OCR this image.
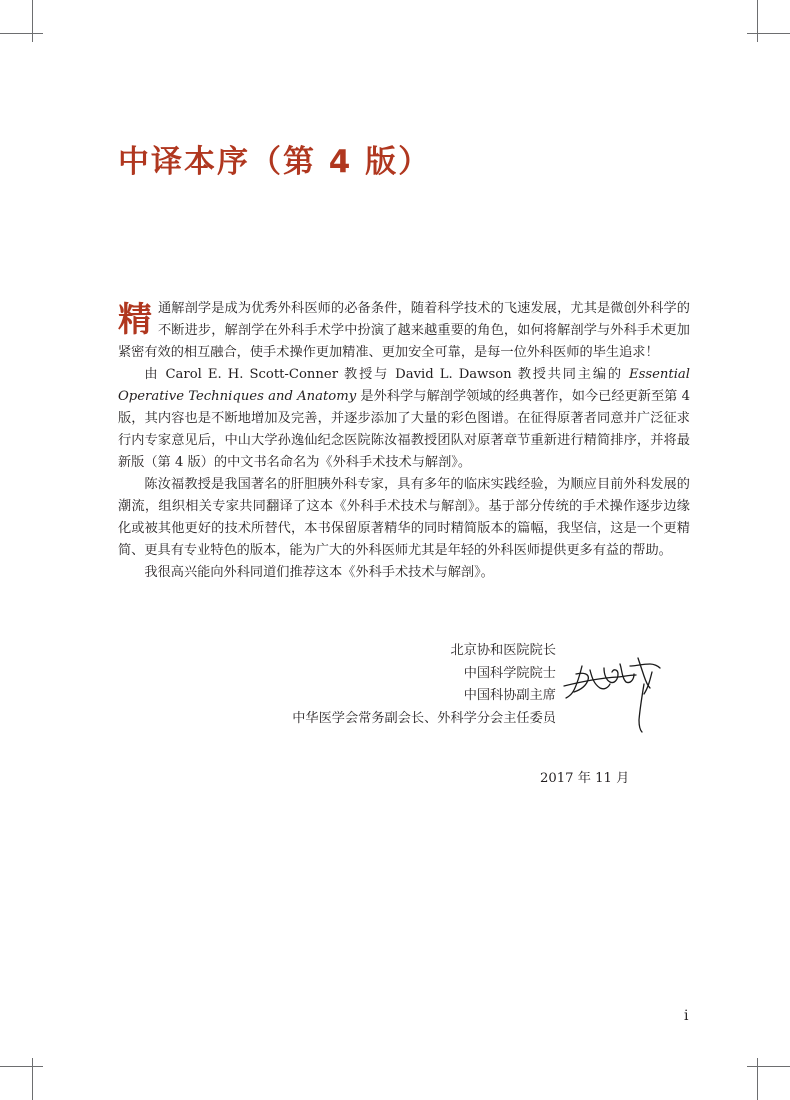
中译本序（第 4 版）

精通解剖学是成为优秀外科医师的必备条件，随着科学技术的飞速发展，尤其是微创外科学的不断进步，解剖学在外科手术学中扮演了越来越重要的角色，如何将解剖学与外科手术更加紧密有效的相互融合，使手术操作更加精准、更加安全可靠，是每一位外科医师的毕生追求！

由 Carol E. H. Scott-Conner 教授与 David L. Dawson 教授共同主编的 Essential Operative Techniques and Anatomy 是外科学与解剖学领域的经典著作，如今已经更新至第 4 版，其内容也是不断地增加及完善，并逐步添加了大量的彩色图谱。在征得原著者同意并广泛征求行内专家意见后，中山大学孙逸仙纪念医院陈汝福教授团队对原著章节重新进行精简排序，并将最新版（第 4 版）的中文书名命名为《外科手术技术与解剖》。

陈汝福教授是我国著名的肝胆胰外科专家，具有多年的临床实践经验，为顺应目前外科发展的潮流，组织相关专家共同翻译了这本《外科手术技术与解剖》。基于部分传统的手术操作逐步边缘化或被其他更好的技术所替代，本书保留原著精华的同时精简版本的篇幅，我坚信，这是一个更精简、更具有专业特色的版本，能为广大的外科医师尤其是年轻的外科医师提供更多有益的帮助。

我很高兴能向外科同道们推荐这本《外科手术技术与解剖》。

北京协和医院院长
中国科学院院士
中国科协副主席
中华医学会常务副会长、外科学分会主任委员
2017 年 11 月
i
